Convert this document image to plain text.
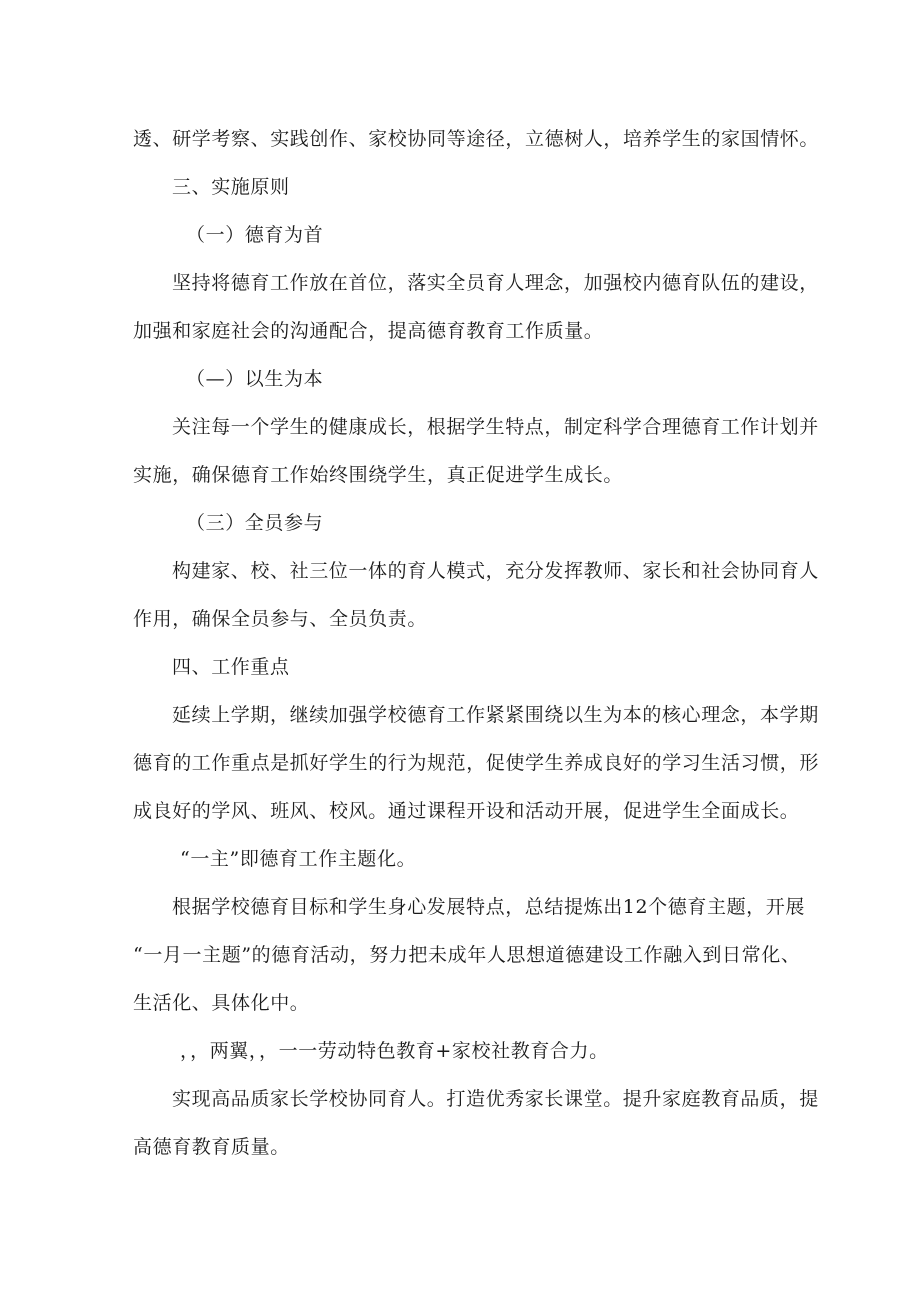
透、研学考察、实践创作、家校协同等途径，立德树人，培养学生的家国情怀。
三、实施原则
（一）德育为首
坚持将德育工作放在首位，落实全员育人理念，加强校内德育队伍的建设，
加强和家庭社会的沟通配合，提高德育教育工作质量。
（—）以生为本
关注每一个学生的健康成长，根据学生特点，制定科学合理德育工作计划并
实施，确保德育工作始终围绕学生，真正促进学生成长。
（三）全员参与
构建家、校、社三位一体的育人模式，充分发挥教师、家长和社会协同育人
作用，确保全员参与、全员负责。
四、工作重点
延续上学期，继续加强学校德育工作紧紧围绕以生为本的核心理念，本学期
德育的工作重点是抓好学生的行为规范，促使学生养成良好的学习生活习惯，形
成良好的学风、班风、校风。通过课程开设和活动开展，促进学生全面成长。
“一主”即德育工作主题化。
根据学校德育目标和学生身心发展特点，总结提炼出12个德育主题，开展
“一月一主题”的德育活动，努力把未成年人思想道德建设工作融入到日常化、
生活化、具体化中。
，，两翼，，一一劳动特色教育+家校社教育合力。
实现高品质家长学校协同育人。打造优秀家长课堂。提升家庭教育品质，提
高德育教育质量。
